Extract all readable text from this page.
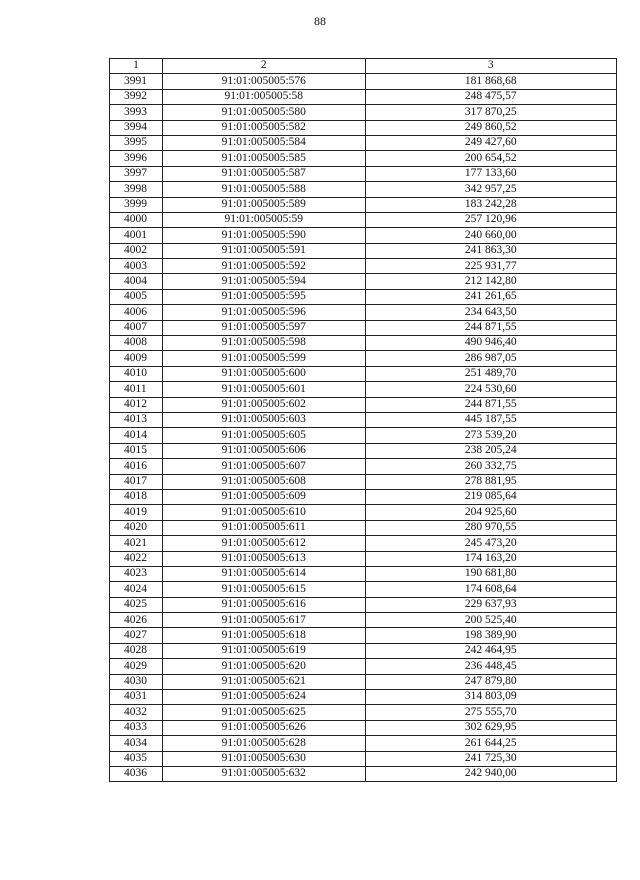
88
1	2	3
3991	91:01:005005:576	181 868,68
3992	91:01:005005:58	248 475,57
3993	91:01:005005:580	317 870,25
3994	91:01:005005:582	249 860,52
3995	91:01:005005:584	249 427,60
3996	91:01:005005:585	200 654,52
3997	91:01:005005:587	177 133,60
3998	91:01:005005:588	342 957,25
3999	91:01:005005:589	183 242,28
4000	91:01:005005:59	257 120,96
4001	91:01:005005:590	240 660,00
4002	91:01:005005:591	241 863,30
4003	91:01:005005:592	225 931,77
4004	91:01:005005:594	212 142,80
4005	91:01:005005:595	241 261,65
4006	91:01:005005:596	234 643,50
4007	91:01:005005:597	244 871,55
4008	91:01:005005:598	490 946,40
4009	91:01:005005:599	286 987,05
4010	91:01:005005:600	251 489,70
4011	91:01:005005:601	224 530,60
4012	91:01:005005:602	244 871,55
4013	91:01:005005:603	445 187,55
4014	91:01:005005:605	273 539,20
4015	91:01:005005:606	238 205,24
4016	91:01:005005:607	260 332,75
4017	91:01:005005:608	278 881,95
4018	91:01:005005:609	219 085,64
4019	91:01:005005:610	204 925,60
4020	91:01:005005:611	280 970,55
4021	91:01:005005:612	245 473,20
4022	91:01:005005:613	174 163,20
4023	91:01:005005:614	190 681,80
4024	91:01:005005:615	174 608,64
4025	91:01:005005:616	229 637,93
4026	91:01:005005:617	200 525,40
4027	91:01:005005:618	198 389,90
4028	91:01:005005:619	242 464,95
4029	91:01:005005:620	236 448,45
4030	91:01:005005:621	247 879,80
4031	91:01:005005:624	314 803,09
4032	91:01:005005:625	275 555,70
4033	91:01:005005:626	302 629,95
4034	91:01:005005:628	261 644,25
4035	91:01:005005:630	241 725,30
4036	91:01:005005:632	242 940,00
